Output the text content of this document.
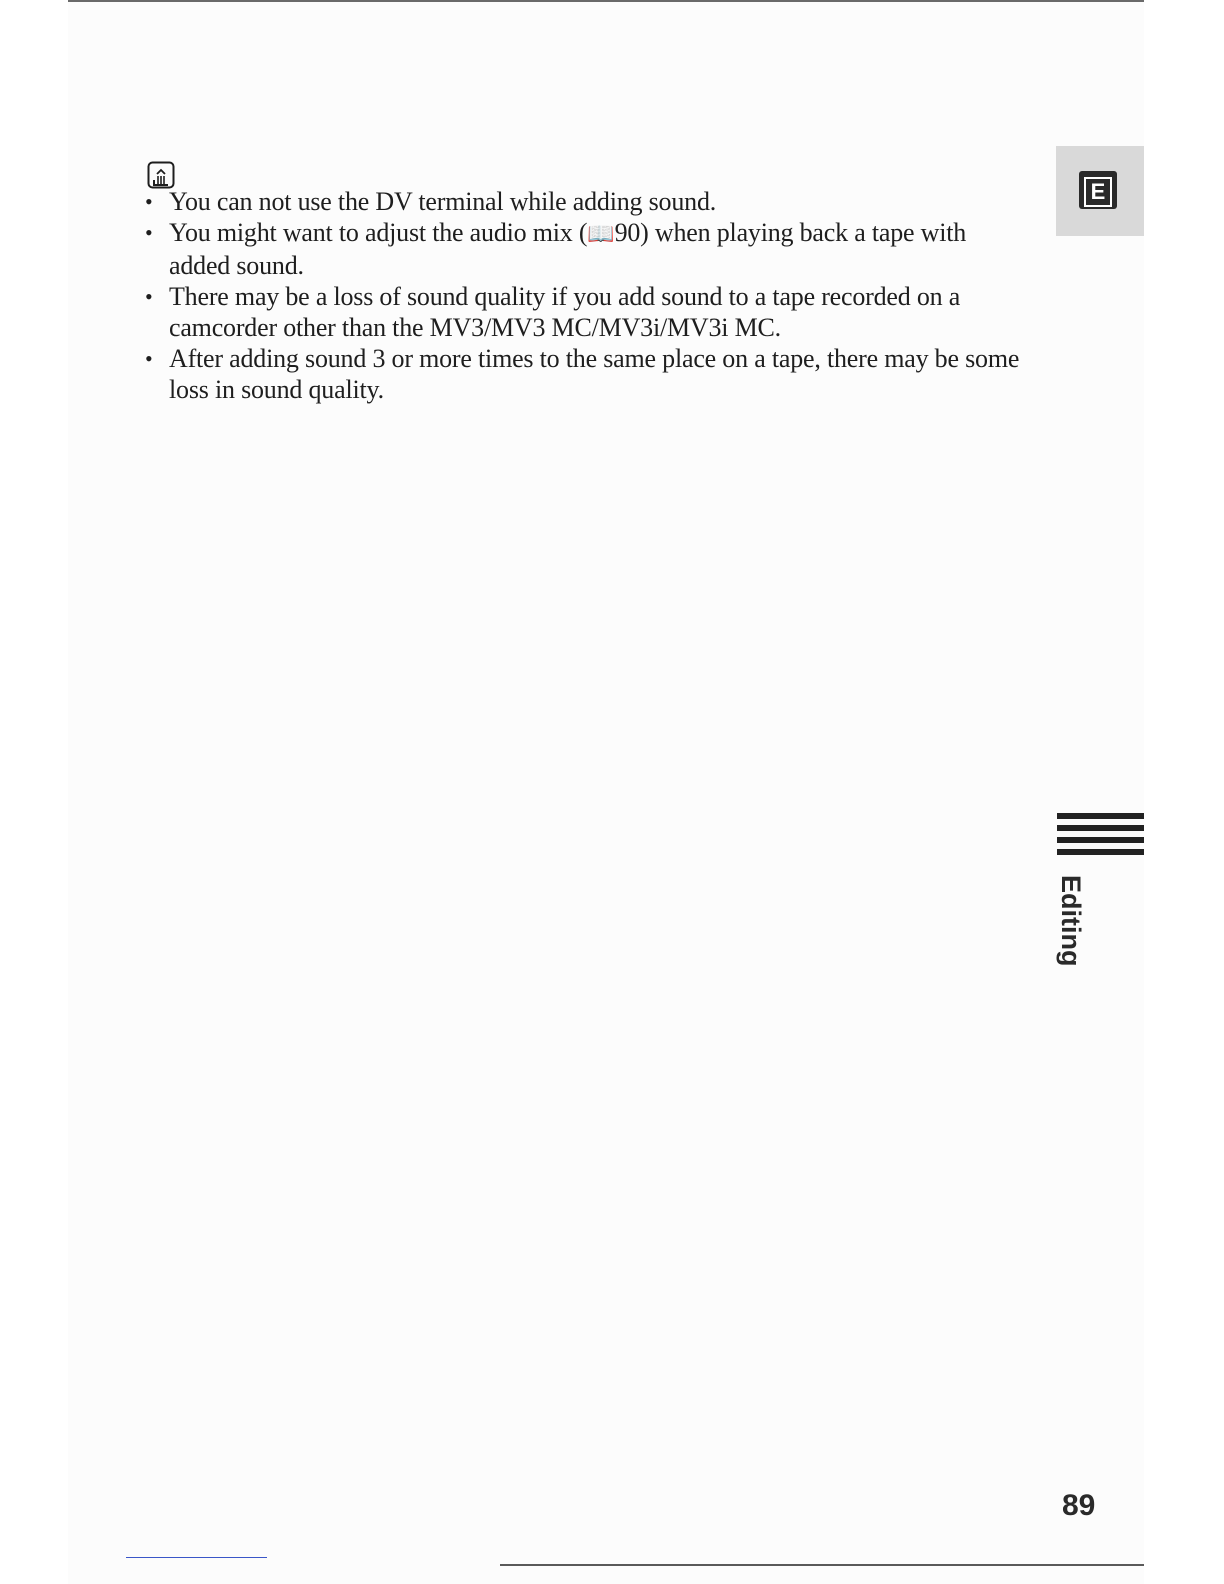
• You can not use the DV terminal while adding sound.
• You might want to adjust the audio mix (📖90) when playing back a tape with added sound.
• There may be a loss of sound quality if you add sound to a tape recorded on a camcorder other than the MV3/MV3 MC/MV3i/MV3i MC.
• After adding sound 3 or more times to the same place on a tape, there may be some loss in sound quality.
E
Editing
89
